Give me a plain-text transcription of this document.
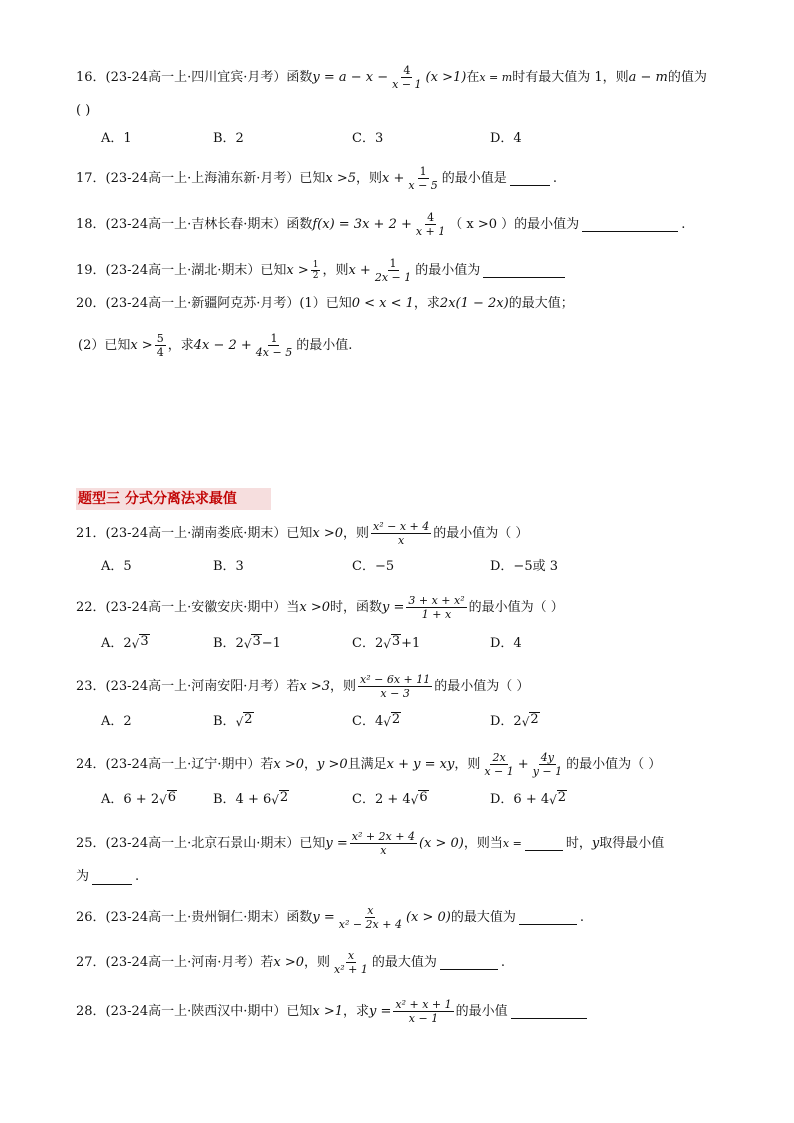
16．(23-24高一上·四川宜宾·月考）函数 $y = a - x - \frac{4}{x - 1} (x >1)$ 在 x = m 时有最大值为 1，则 a − m 的值为
( )
A．1	B．2	C．3	D．4
17．(23-24高一上·上海浦东新·月考）已知 x >5 ，则 $x + \frac{1}{x - 5}$ 的最小值是	.
18．(23-24高一上·吉林长春·期末）函数 $f(x) = 3x + 2 + \frac{4}{x + 1}$ （ x >0 ）的最小值为	.
19．(23-24高一上·湖北·期末）已知 $x > \frac{1}{2}$ ，则 $x + \frac{1}{2x - 1}$ 的最小值为
20．(23-24高一上·新疆阿克苏·月考）(1）已知 0 < x < 1 ，求 2x(1 − 2x) 的最大值；
(2）已知 $x > \frac{5}{4}$ ，求 $4x - 2 + \frac{1}{4x - 5}$ 的最小值.
题型三 分式分离法求最值
21．(23-24高一上·湖南娄底·期末）已知 x >0 ，则 $\frac{\text{x² − x + 4}}{x}$ 的最小值为（ ）
A．5	B．3	C．−5	D．−5或 3
22．(23-24高一上·安徽安庆·期中）当 x >0 时，函数 $y = \frac{\text{3 + x + x²}}{1 + x}$ 的最小值为（ ）
A．2 √ 3	B．2 √ 3 −1	C．2 √ 3 +1	D．4
23．(23-24高一上·河南安阳·月考）若 x >3 ，则 $\frac{\text{x² − 6x + 11}}{x - 3}$ 的最小值为（ ）
A．2	B． √ 2	C．4 √ 2	D．2 √ 2
24．(23-24高一上·辽宁·期中）若 x >0 ， y >0 且满足 x + y = xy ，则 $\frac{2x}{x - 1} + \frac{4y}{y - 1}$ 的最小值为（ ）
A．6 + 2 √ 6	B．4 + 6 √ 2	C．2 + 4 √ 6	D．6 + 4 √ 2
25．(23-24高一上·北京石景山·期末）已知 $y = \frac{\text{x² + 2x + 4}}{x} (x > 0)$ ，则当 x =	时， y 取得最小值
为	.
26．(23-24高一上·贵州铜仁·期末）函数 $y = \frac{x}{\text{x² − 2x + 4}} (x > 0)$ 的最大值为	.
27．(23-24高一上·河南·月考）若 x >0 ，则 $\frac{x}{\text{x² + 1}}$ 的最大值为	.
28．(23-24高一上·陕西汉中·期中）已知 x >1 ，求 $y = \frac{\text{x² + x + 1}}{x - 1}$ 的最小值
